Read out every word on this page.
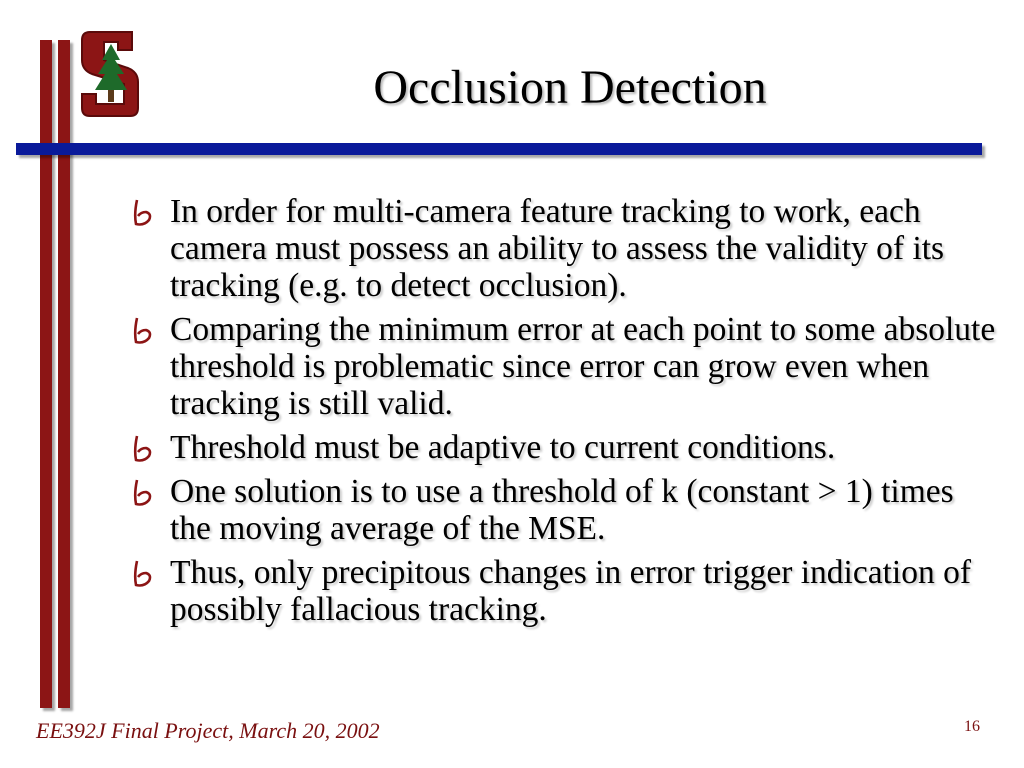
Occlusion Detection
In order for multi-camera feature tracking to work, each camera must possess an ability to assess the validity of its tracking (e.g. to detect occlusion).
Comparing the minimum error at each point to some absolute threshold is problematic since error can grow even when tracking is still valid.
Threshold must be adaptive to current conditions.
One solution is to use a threshold of k (constant > 1) times the moving average of the MSE.
Thus, only precipitous changes in error trigger indication of possibly fallacious tracking.
EE392J Final Project, March 20, 2002	16
